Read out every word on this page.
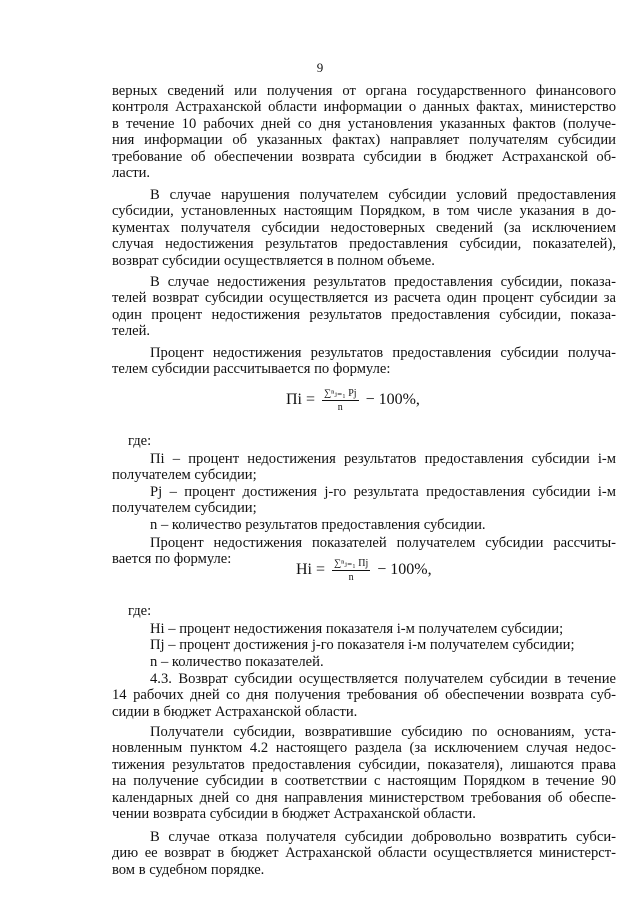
9
верных сведений или получения от органа государственного финансового
контроля Астраханской области информации о данных фактах, министерство
в течение 10 рабочих дней со дня установления указанных фактов (получе-
ния информации об указанных фактах) направляет получателям субсидии
требование об обеспечении возврата субсидии в бюджет Астраханской об-
ласти.
В случае нарушения получателем субсидии условий предоставления
субсидии, установленных настоящим Порядком, в том числе указания в до-
кументах получателя субсидии недостоверных сведений (за исключением
случая недостижения результатов предоставления субсидии, показателей),
возврат субсидии осуществляется в полном объеме.
В случае недостижения результатов предоставления субсидии, показа-
телей возврат субсидии осуществляется из расчета один процент субсидии за
один процент недостижения результатов предоставления субсидии, показа-
телей.
Процент недостижения результатов предоставления субсидии получа-
телем субсидии рассчитывается по формуле:
Пi = $\frac{\text{∑ⁿⱼ₌₁ Pj}}{n} - 100\%$,
где:
Пi – процент недостижения результатов предоставления субсидии i-м
получателем субсидии;
Pj – процент достижения j-го результата предоставления субсидии i-м
получателем субсидии;
n – количество результатов предоставления субсидии.
Процент недостижения показателей получателем субсидии рассчиты-
вается по формуле:
$Hi = \frac{\text{∑ⁿⱼ₌₁ Пj}}{n} - 100\%$,
где:
Hi – процент недостижения показателя i-м получателем субсидии;
Пj – процент достижения j-го показателя i-м получателем субсидии;
n – количество показателей.
4.3. Возврат субсидии осуществляется получателем субсидии в течение
14 рабочих дней со дня получения требования об обеспечении возврата суб-
сидии в бюджет Астраханской области.
Получатели субсидии, возвратившие субсидию по основаниям, уста-
новленным пунктом 4.2 настоящего раздела (за исключением случая недос-
тижения результатов предоставления субсидии, показателя), лишаются права
на получение субсидии в соответствии с настоящим Порядком в течение 90
календарных дней со дня направления министерством требования об обеспе-
чении возврата субсидии в бюджет Астраханской области.
В случае отказа получателя субсидии добровольно возвратить субси-
дию ее возврат в бюджет Астраханской области осуществляется министерст-
вом в судебном порядке.
